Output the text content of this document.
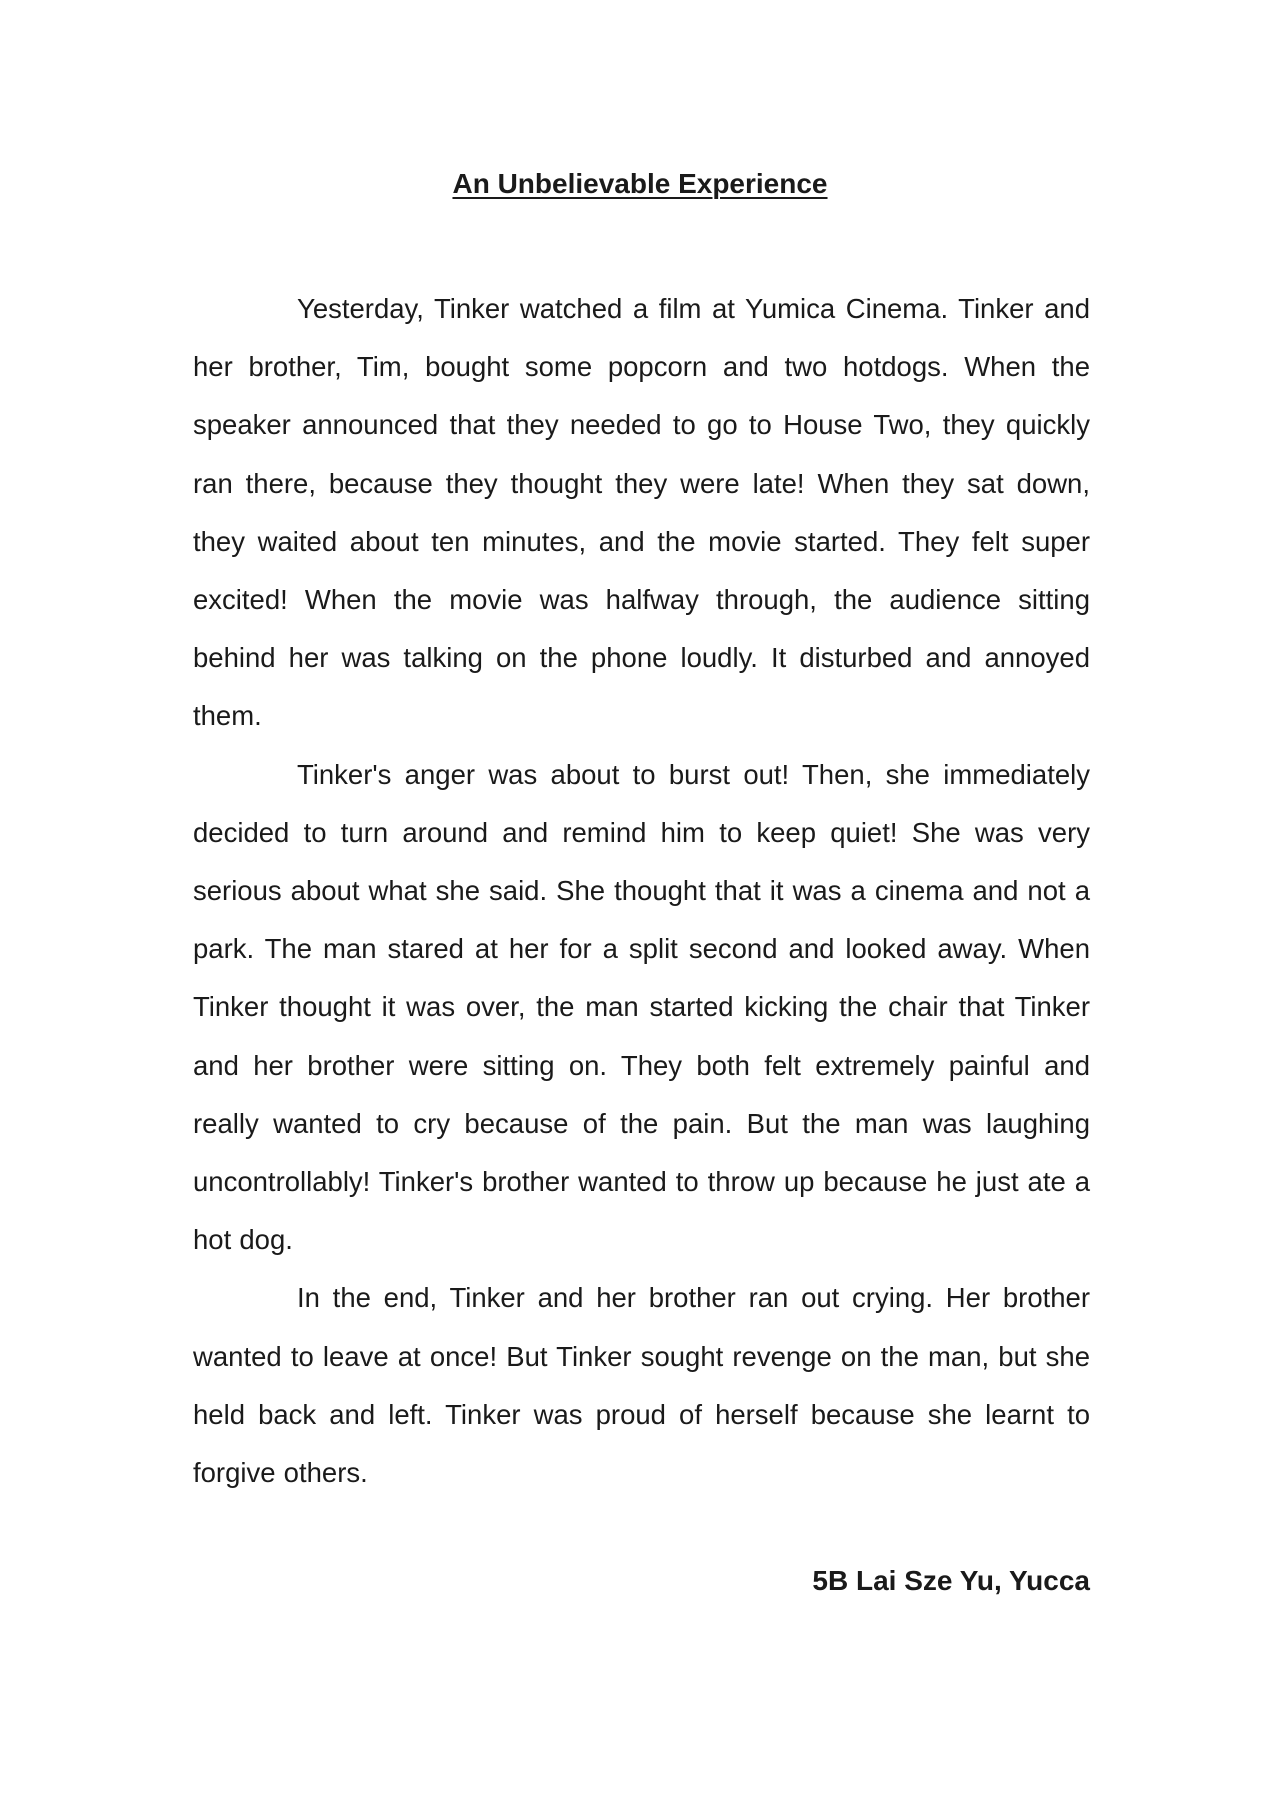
An Unbelievable Experience

Yesterday, Tinker watched a film at Yumica Cinema. Tinker and her brother, Tim, bought some popcorn and two hotdogs. When the speaker announced that they needed to go to House Two, they quickly ran there, because they thought they were late! When they sat down, they waited about ten minutes, and the movie started. They felt super excited! When the movie was halfway through, the audience sitting behind her was talking on the phone loudly. It disturbed and annoyed them.

Tinker's anger was about to burst out! Then, she immediately decided to turn around and remind him to keep quiet! She was very serious about what she said. She thought that it was a cinema and not a park. The man stared at her for a split second and looked away. When Tinker thought it was over, the man started kicking the chair that Tinker and her brother were sitting on. They both felt extremely painful and really wanted to cry because of the pain. But the man was laughing uncontrollably! Tinker's brother wanted to throw up because he just ate a hot dog.

In the end, Tinker and her brother ran out crying. Her brother wanted to leave at once! But Tinker sought revenge on the man, but she held back and left. Tinker was proud of herself because she learnt to forgive others.

5B Lai Sze Yu, Yucca
